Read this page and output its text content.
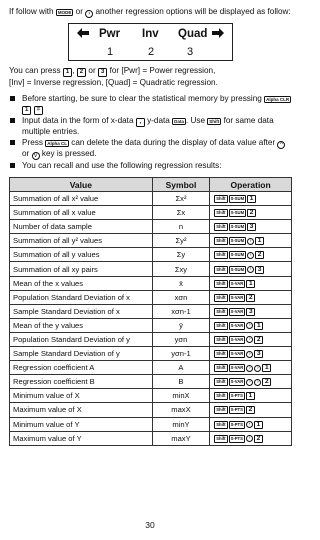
If follow with MODE or › another regression options will be displayed as follow:

Pwr Inv Quad
1	2	3

You can press 1 , 2 or 3 for [Pwr] = Power regression,
[Inv] = Inverse regression, [Quad] = Quadratic regression.

Before starting, be sure to clear the statistical memory by pressing Alpha CLR 1 =
Input data in the form of x-data , y-data Data . Use Shift for same data multiple entries.
Press Alpha CL can delete the data during the display of data value after ^ or v key is pressed.
You can recall and use the following regression results:
Value	Symbol	Operation
Summation of all x² value	Σx²	Shift S-SUM 1
Summation of all x value	Σx	Shift S-SUM 2
Number of data sample	n	Shift S-SUM 3
Summation of all y² values	Σy²	Shift S-SUM › 1
Summation of all y values	Σy	Shift S-SUM › 2
Summation of all xy pairs	Σxy	Shift S-SUM › 3
Mean of the x values	x̄	Shift S-VAR 1
Population Standard Deviation of x	xσn	Shift S-VAR 2
Sample Standard Deviation of x	xσn-1	Shift S-VAR 3
Mean of the y values	ȳ	Shift S-VAR › 1
Population Standard Deviation of y	yσn	Shift S-VAR › 2
Sample Standard Deviation of y	yσn-1	Shift S-VAR › 3
Regression coefficient A	A	Shift S-VAR › › 1
Regression coefficient B	B	Shift S-VAR › › 2
Minimum value of X	minX	Shift S-PTS 1
Maximum value of X	maxX	Shift S-PTS 2
Minimum value of Y	minY	Shift S-PTS › 1
Maximum value of Y	maxY	Shift S-PTS › 2
30
